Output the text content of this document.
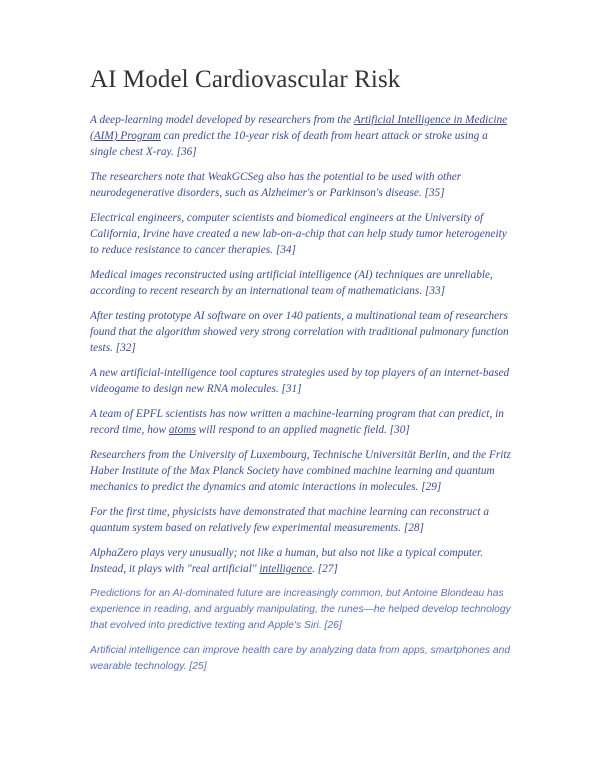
AI Model Cardiovascular Risk
A deep-learning model developed by researchers from the Artificial Intelligence in Medicine (AIM) Program can predict the 10-year risk of death from heart attack or stroke using a single chest X-ray. [36]
The researchers note that WeakGCSeg also has the potential to be used with other neurodegenerative disorders, such as Alzheimer's or Parkinson's disease. [35]
Electrical engineers, computer scientists and biomedical engineers at the University of California, Irvine have created a new lab-on-a-chip that can help study tumor heterogeneity to reduce resistance to cancer therapies. [34]
Medical images reconstructed using artificial intelligence (AI) techniques are unreliable, according to recent research by an international team of mathematicians. [33]
After testing prototype AI software on over 140 patients, a multinational team of researchers found that the algorithm showed very strong correlation with traditional pulmonary function tests. [32]
A new artificial-intelligence tool captures strategies used by top players of an internet-based videogame to design new RNA molecules. [31]
A team of EPFL scientists has now written a machine-learning program that can predict, in record time, how atoms will respond to an applied magnetic field. [30]
Researchers from the University of Luxembourg, Technische Universität Berlin, and the Fritz Haber Institute of the Max Planck Society have combined machine learning and quantum mechanics to predict the dynamics and atomic interactions in molecules. [29]
For the first time, physicists have demonstrated that machine learning can reconstruct a quantum system based on relatively few experimental measurements. [28]
AlphaZero plays very unusually; not like a human, but also not like a typical computer. Instead, it plays with "real artificial" intelligence. [27]
Predictions for an AI-dominated future are increasingly common, but Antoine Blondeau has experience in reading, and arguably manipulating, the runes—he helped develop technology that evolved into predictive texting and Apple's Siri. [26]
Artificial intelligence can improve health care by analyzing data from apps, smartphones and wearable technology. [25]
